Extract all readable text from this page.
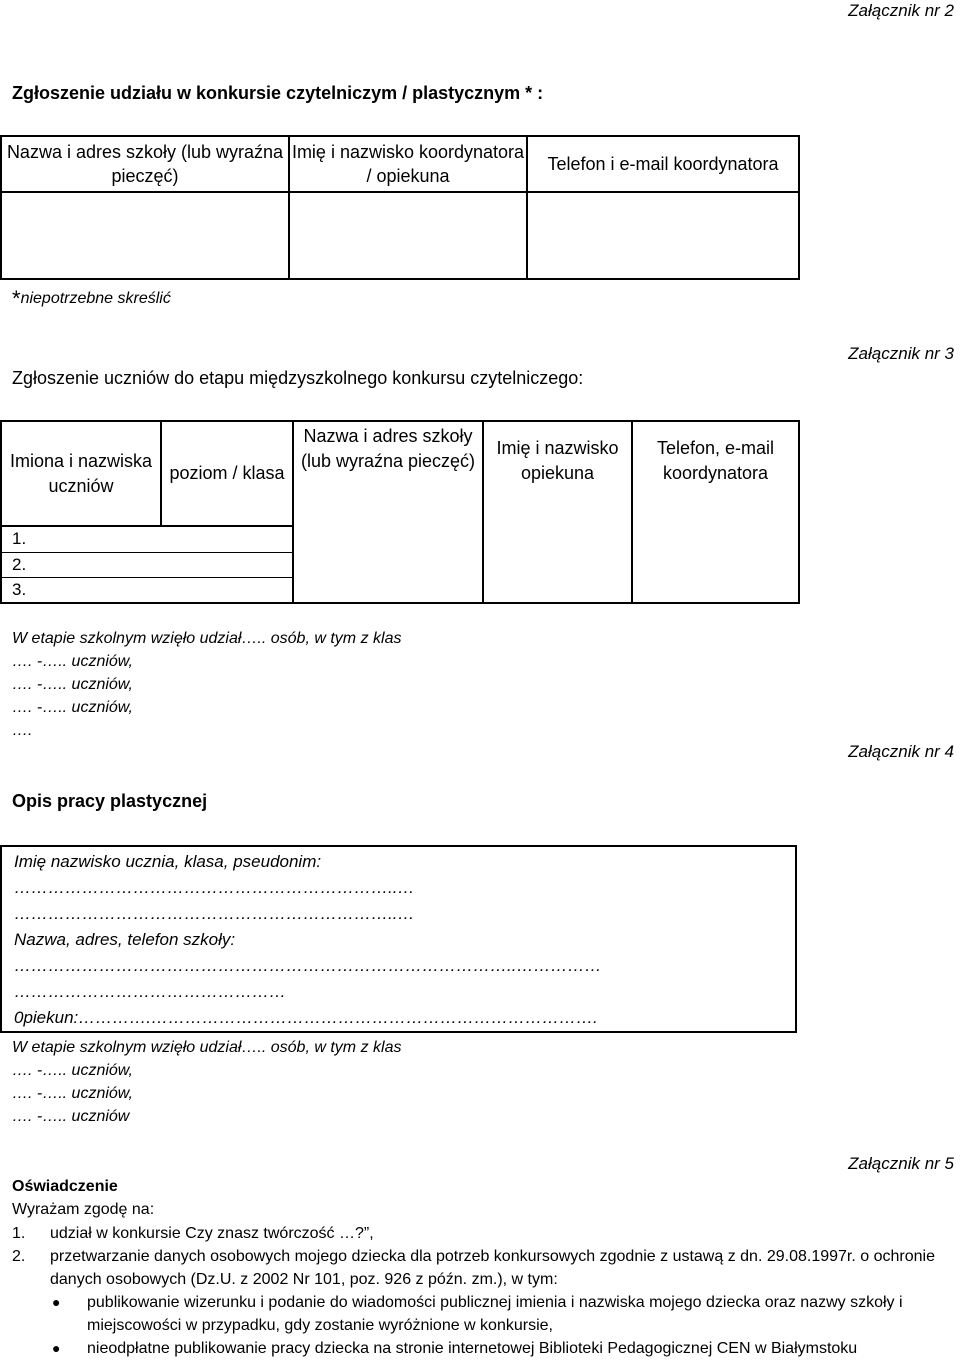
Załącznik nr 2
Zgłoszenie udziału w konkursie czytelniczym / plastycznym * :
Nazwa i adres szkoły (lub wyraźna pieczęć)	Imię i nazwisko koordynatora / opiekuna	Telefon i e-mail koordynatora

*niepotrzebne skreślić
Załącznik nr 3
Zgłoszenie uczniów do etapu międzyszkolnego konkursu czytelniczego:
Imiona i nazwiska uczniów	poziom / klasa	Nazwa i adres szkoły (lub wyraźna pieczęć)	Imię i nazwisko opiekuna	Telefon, e-mail koordynatora

1.
2.
3.
W etapie szkolnym wzięło udział….. osób, w tym z klas
…. -….. uczniów,
…. -….. uczniów,
…. -….. uczniów,
….
Załącznik nr 4
Opis pracy plastycznej
Imię nazwisko ucznia, klasa, pseudonim:
…………………………………………………………..…
…………………………………………………………..…
Nazwa, adres, telefon szkoły:
……………………………………………………………………………..……………
…………………………………………
0piekun:………….…………………………………………………………………….
W etapie szkolnym wzięło udział….. osób, w tym z klas
…. -….. uczniów,
…. -….. uczniów,
…. -….. uczniów
Załącznik nr 5
Oświadczenie
Wyrażam zgodę na:
1. udział w konkursie Czy znasz twórczość …?”,
2. przetwarzanie danych osobowych mojego dziecka dla potrzeb konkursowych zgodnie z ustawą z dn. 29.08.1997r. o ochronie danych osobowych (Dz.U. z 2002 Nr 101, poz. 926 z późn. zm.), w tym:
● publikowanie wizerunku i podanie do wiadomości publicznej imienia i nazwiska mojego dziecka oraz nazwy szkoły i miejscowości w przypadku, gdy zostanie wyróżnione w konkursie,
● nieodpłatne publikowanie pracy dziecka na stronie internetowej Biblioteki Pedagogicznej CEN w Białymstoku
